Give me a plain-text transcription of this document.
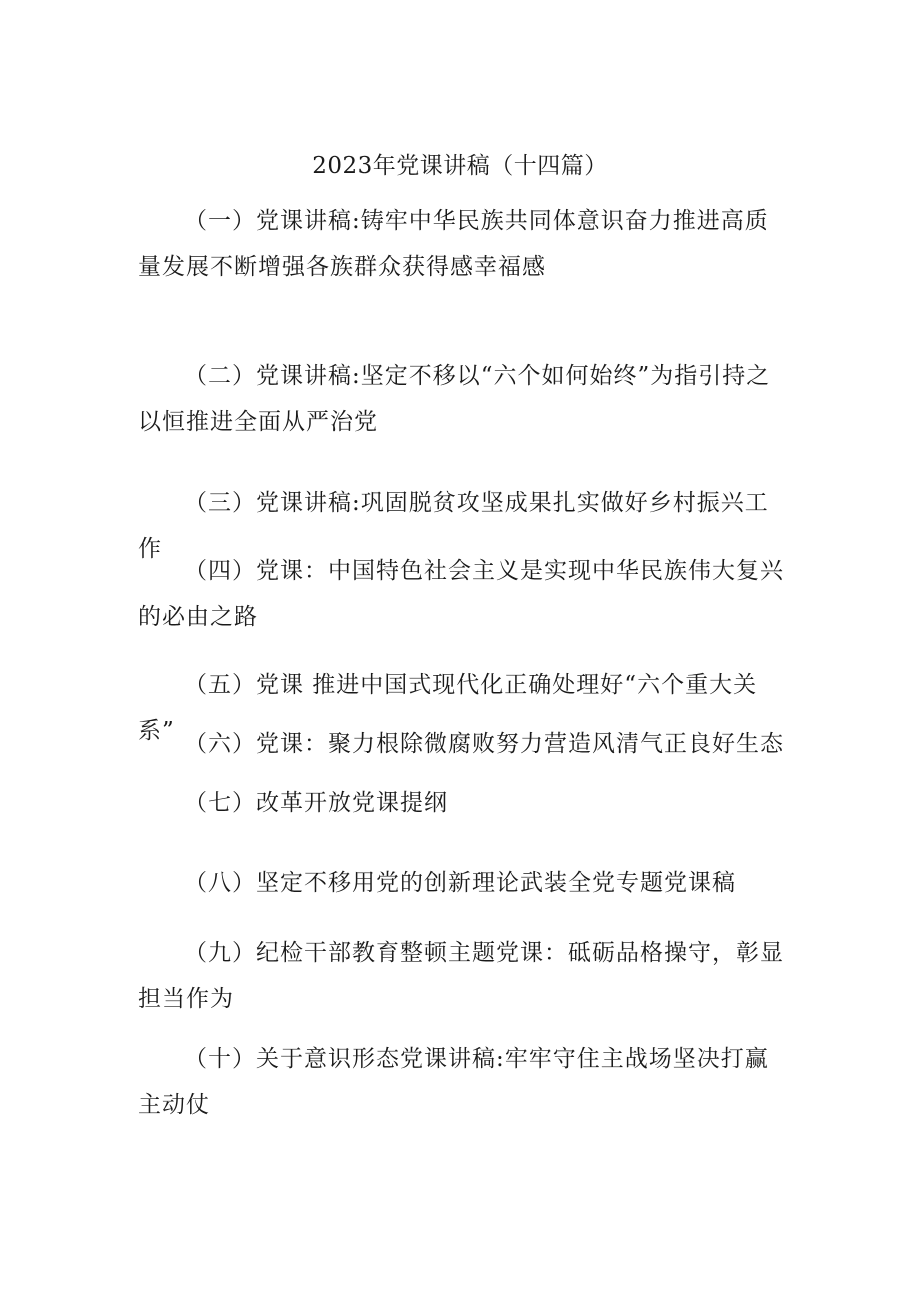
2023年党课讲稿（十四篇）

（一）党课讲稿:铸牢中华民族共同体意识奋力推进高质量发展不断增强各族群众获得感幸福感

（二）党课讲稿:坚定不移以“六个如何始终”为指引持之以恒推进全面从严治党

（三）党课讲稿:巩固脱贫攻坚成果扎实做好乡村振兴工作

（四）党课：中国特色社会主义是实现中华民族伟大复兴的必由之路

（五）党课 推进中国式现代化正确处理好“六个重大关系” （六）党课：聚力根除微腐败努力营造风清气正良好生态

（七）改革开放党课提纲

（八）坚定不移用党的创新理论武装全党专题党课稿

（九）纪检干部教育整顿主题党课：砥砺品格操守，彰显担当作为

（十）关于意识形态党课讲稿:牢牢守住主战场坚决打赢主动仗
